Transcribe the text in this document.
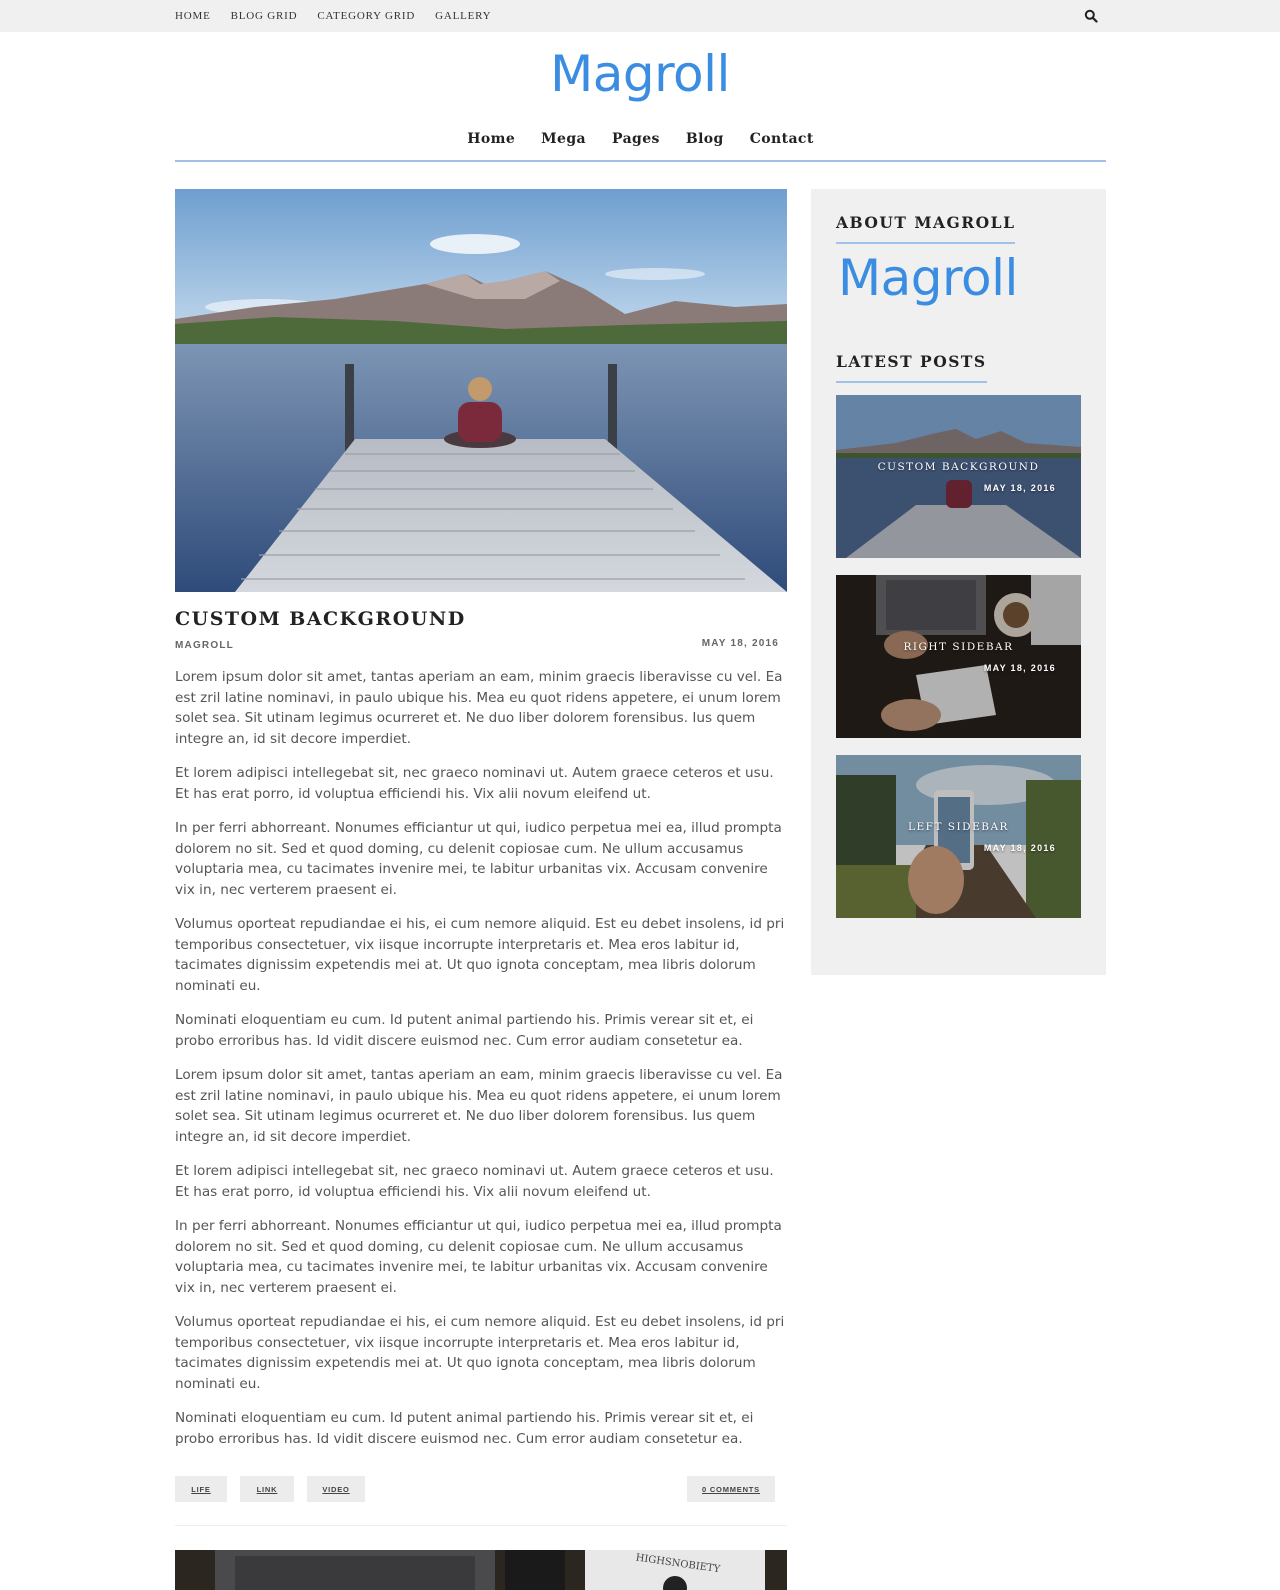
HOME BLOG GRID CATEGORY GRID GALLERY
Magroll
Home Mega Pages Blog Contact
CUSTOM BACKGROUND
MAGROLL	MAY 18, 2016

Lorem ipsum dolor sit amet, tantas aperiam an eam, minim graecis liberavisse cu vel. Ea est zril latine nominavi, in paulo ubique his. Mea eu quot ridens appetere, ei unum lorem solet sea. Sit utinam legimus ocurreret et. Ne duo liber dolorem forensibus. Ius quem integre an, id sit decore imperdiet.

Et lorem adipisci intellegebat sit, nec graeco nominavi ut. Autem graece ceteros et usu. Et has erat porro, id voluptua efficiendi his. Vix alii novum eleifend ut.

In per ferri abhorreant. Nonumes efficiantur ut qui, iudico perpetua mei ea, illud prompta dolorem no sit. Sed et quod doming, cu delenit copiosae cum. Ne ullum accusamus voluptaria mea, cu tacimates invenire mei, te labitur urbanitas vix. Accusam convenire vix in, nec verterem praesent ei.

Volumus oporteat repudiandae ei his, ei cum nemore aliquid. Est eu debet insolens, id pri temporibus consectetuer, vix iisque incorrupte interpretaris et. Mea eros labitur id, tacimates dignissim expetendis mei at. Ut quo ignota conceptam, mea libris dolorum nominati eu.

Nominati eloquentiam eu cum. Id putent animal partiendo his. Primis verear sit et, ei probo erroribus has. Id vidit discere euismod nec. Cum error audiam consetetur ea.

Lorem ipsum dolor sit amet, tantas aperiam an eam, minim graecis liberavisse cu vel. Ea est zril latine nominavi, in paulo ubique his. Mea eu quot ridens appetere, ei unum lorem solet sea. Sit utinam legimus ocurreret et. Ne duo liber dolorem forensibus. Ius quem integre an, id sit decore imperdiet.

Et lorem adipisci intellegebat sit, nec graeco nominavi ut. Autem graece ceteros et usu. Et has erat porro, id voluptua efficiendi his. Vix alii novum eleifend ut.

In per ferri abhorreant. Nonumes efficiantur ut qui, iudico perpetua mei ea, illud prompta dolorem no sit. Sed et quod doming, cu delenit copiosae cum. Ne ullum accusamus voluptaria mea, cu tacimates invenire mei, te labitur urbanitas vix. Accusam convenire vix in, nec verterem praesent ei.

Volumus oporteat repudiandae ei his, ei cum nemore aliquid. Est eu debet insolens, id pri temporibus consectetuer, vix iisque incorrupte interpretaris et. Mea eros labitur id, tacimates dignissim expetendis mei at. Ut quo ignota conceptam, mea libris dolorum nominati eu.

Nominati eloquentiam eu cum. Id putent animal partiendo his. Primis verear sit et, ei probo erroribus has. Id vidit discere euismod nec. Cum error audiam consetetur ea.

LIFE	LINK	VIDEO	0 COMMENTS
HIGHSNOBIETY
ABOUT MAGROLL
Magroll
LATEST POSTS
CUSTOM BACKGROUND
MAY 18, 2016
RIGHT SIDEBAR
MAY 18, 2016
LEFT SIDEBAR
MAY 18, 2016
